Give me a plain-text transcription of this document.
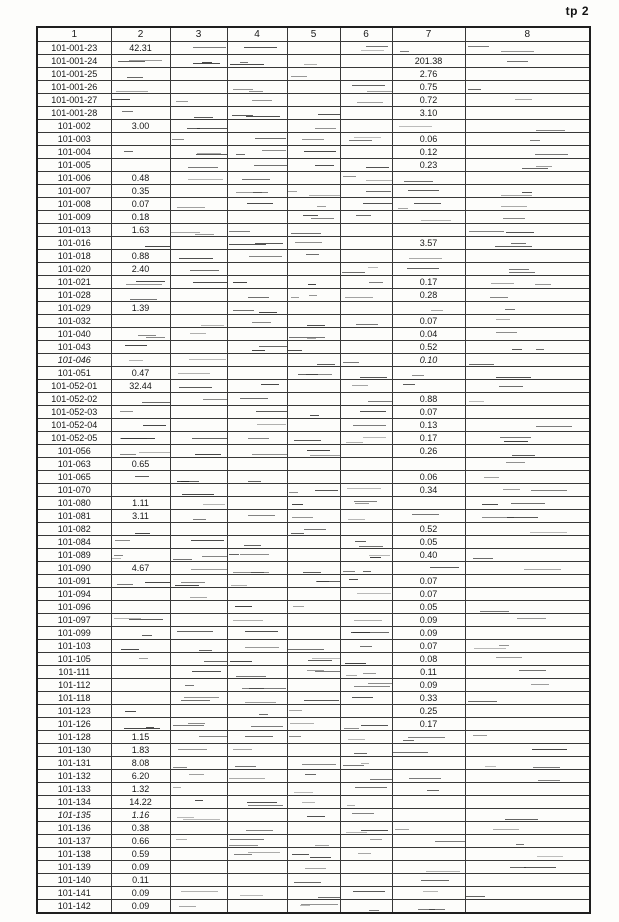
tp 2
1	2	3	4	5	6	7	8
101-001-23	42.31	

101-001-24						201.38	

101-001-25						2.76	
101-001-26						0.75	

101-001-27						0.72	

101-001-28						3.10	
101-002	3.00	

101-003						0.06	

101-004						0.12	

101-005						0.23	

101-006	0.48	

101-007	0.35		

101-008	0.07	

101-009	0.18			

101-013	1.63	

101-016						3.57	

101-018	0.88	

101-020	2.40	

101-021						0.17	

101-028						0.28	

101-029	1.39		

101-032						0.07	

101-040						0.04	

101-043						0.52	

101-046						0.10	

101-051	0.47	

101-052-01	32.44	

101-052-02						0.88	

101-052-03						0.07	
101-052-04						0.13	

101-052-05						0.17	

101-056						0.26	

101-063	0.65						

101-065						0.06	

101-070						0.34	

101-080	1.11	

101-081	3.11	

101-082						0.52	

101-084						0.05	
101-089						0.40	

101-090	4.67	

101-091						0.07	
101-094						0.07	
101-096						0.05	

101-097						0.09	

101-099						0.09	
101-103						0.07	

101-105						0.08	

101-111						0.11	

101-112						0.09	

101-118						0.33	

101-123						0.25	
101-126						0.17	
101-128	1.15	

101-130	1.83	

101-131	8.08	

101-132	6.20	

101-133	1.32	

101-134	14.22	

101-135	1.16	

101-136	0.38		

101-137	0.66	

101-138	0.59		

101-139	0.09			

101-140	0.11			

101-141	0.09	

101-142	0.09	
